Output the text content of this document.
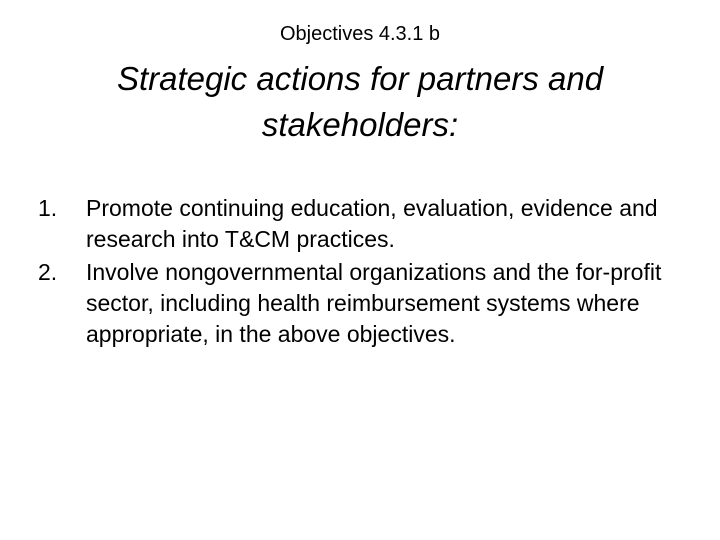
Objectives 4.3.1 b
Strategic actions for partners and stakeholders:
1.	Promote continuing education, evaluation, evidence and research into T&CM practices.
2.	Involve nongovernmental organizations and the for-profit sector, including health reimbursement systems where appropriate, in the above objectives.
